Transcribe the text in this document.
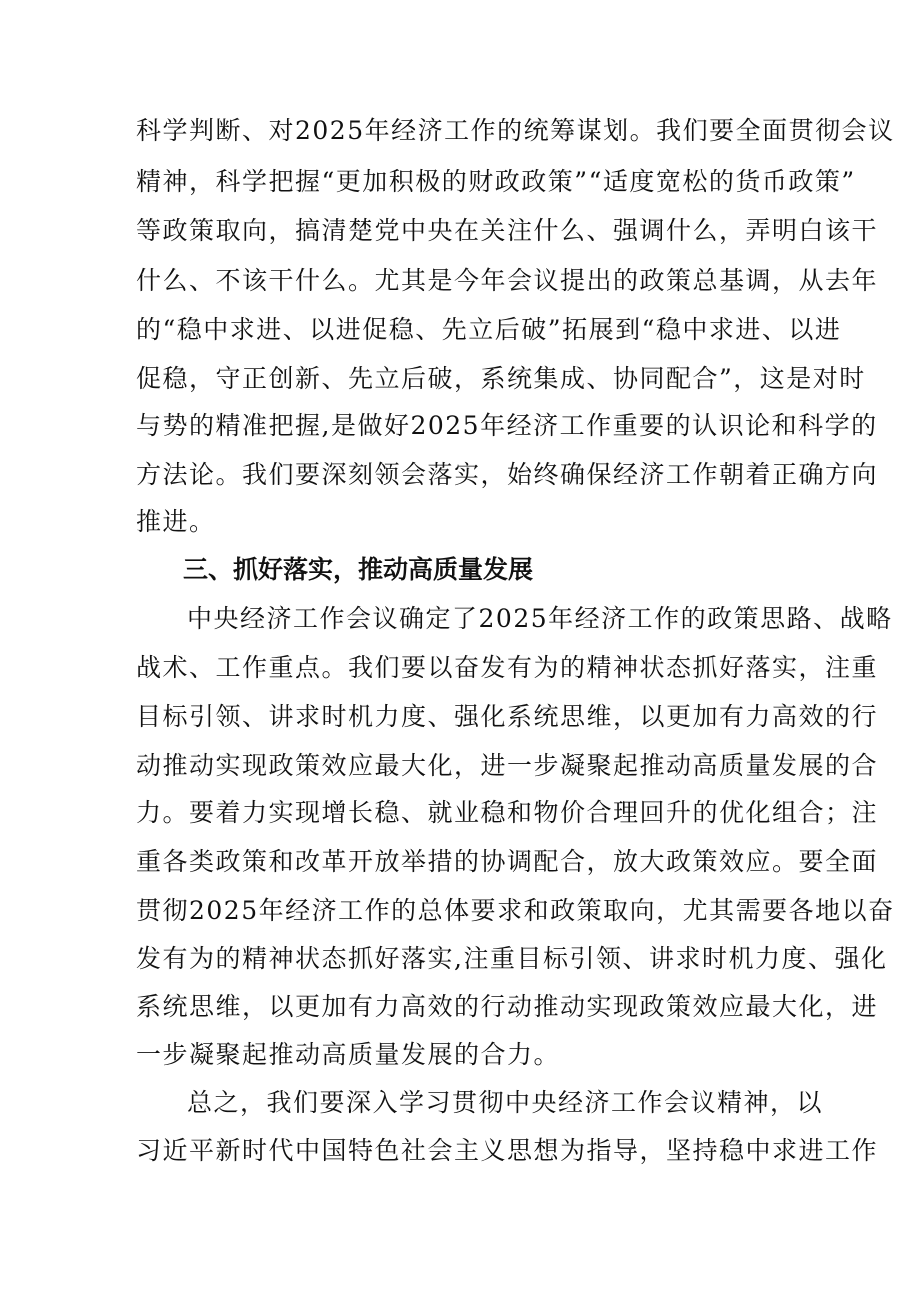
科学判断、对2025年经济工作的统筹谋划。我们要全面贯彻会议
精神，科学把握“更加积极的财政政策”“适度宽松的货币政策”
等政策取向，搞清楚党中央在关注什么、强调什么，弄明白该干
什么、不该干什么。尤其是今年会议提出的政策总基调，从去年
的“稳中求进、以进促稳、先立后破”拓展到“稳中求进、以进
促稳，守正创新、先立后破，系统集成、协同配合”，这是对时
与势的精准把握,是做好2025年经济工作重要的认识论和科学的
方法论。我们要深刻领会落实，始终确保经济工作朝着正确方向
推进。
三、抓好落实，推动高质量发展
中央经济工作会议确定了2025年经济工作的政策思路、战略
战术、工作重点。我们要以奋发有为的精神状态抓好落实，注重
目标引领、讲求时机力度、强化系统思维，以更加有力高效的行
动推动实现政策效应最大化，进一步凝聚起推动高质量发展的合
力。要着力实现增长稳、就业稳和物价合理回升的优化组合；注
重各类政策和改革开放举措的协调配合，放大政策效应。要全面
贯彻2025年经济工作的总体要求和政策取向，尤其需要各地以奋
发有为的精神状态抓好落实,注重目标引领、讲求时机力度、强化
系统思维，以更加有力高效的行动推动实现政策效应最大化，进
一步凝聚起推动高质量发展的合力。
总之，我们要深入学习贯彻中央经济工作会议精神，以
习近平新时代中国特色社会主义思想为指导，坚持稳中求进工作
